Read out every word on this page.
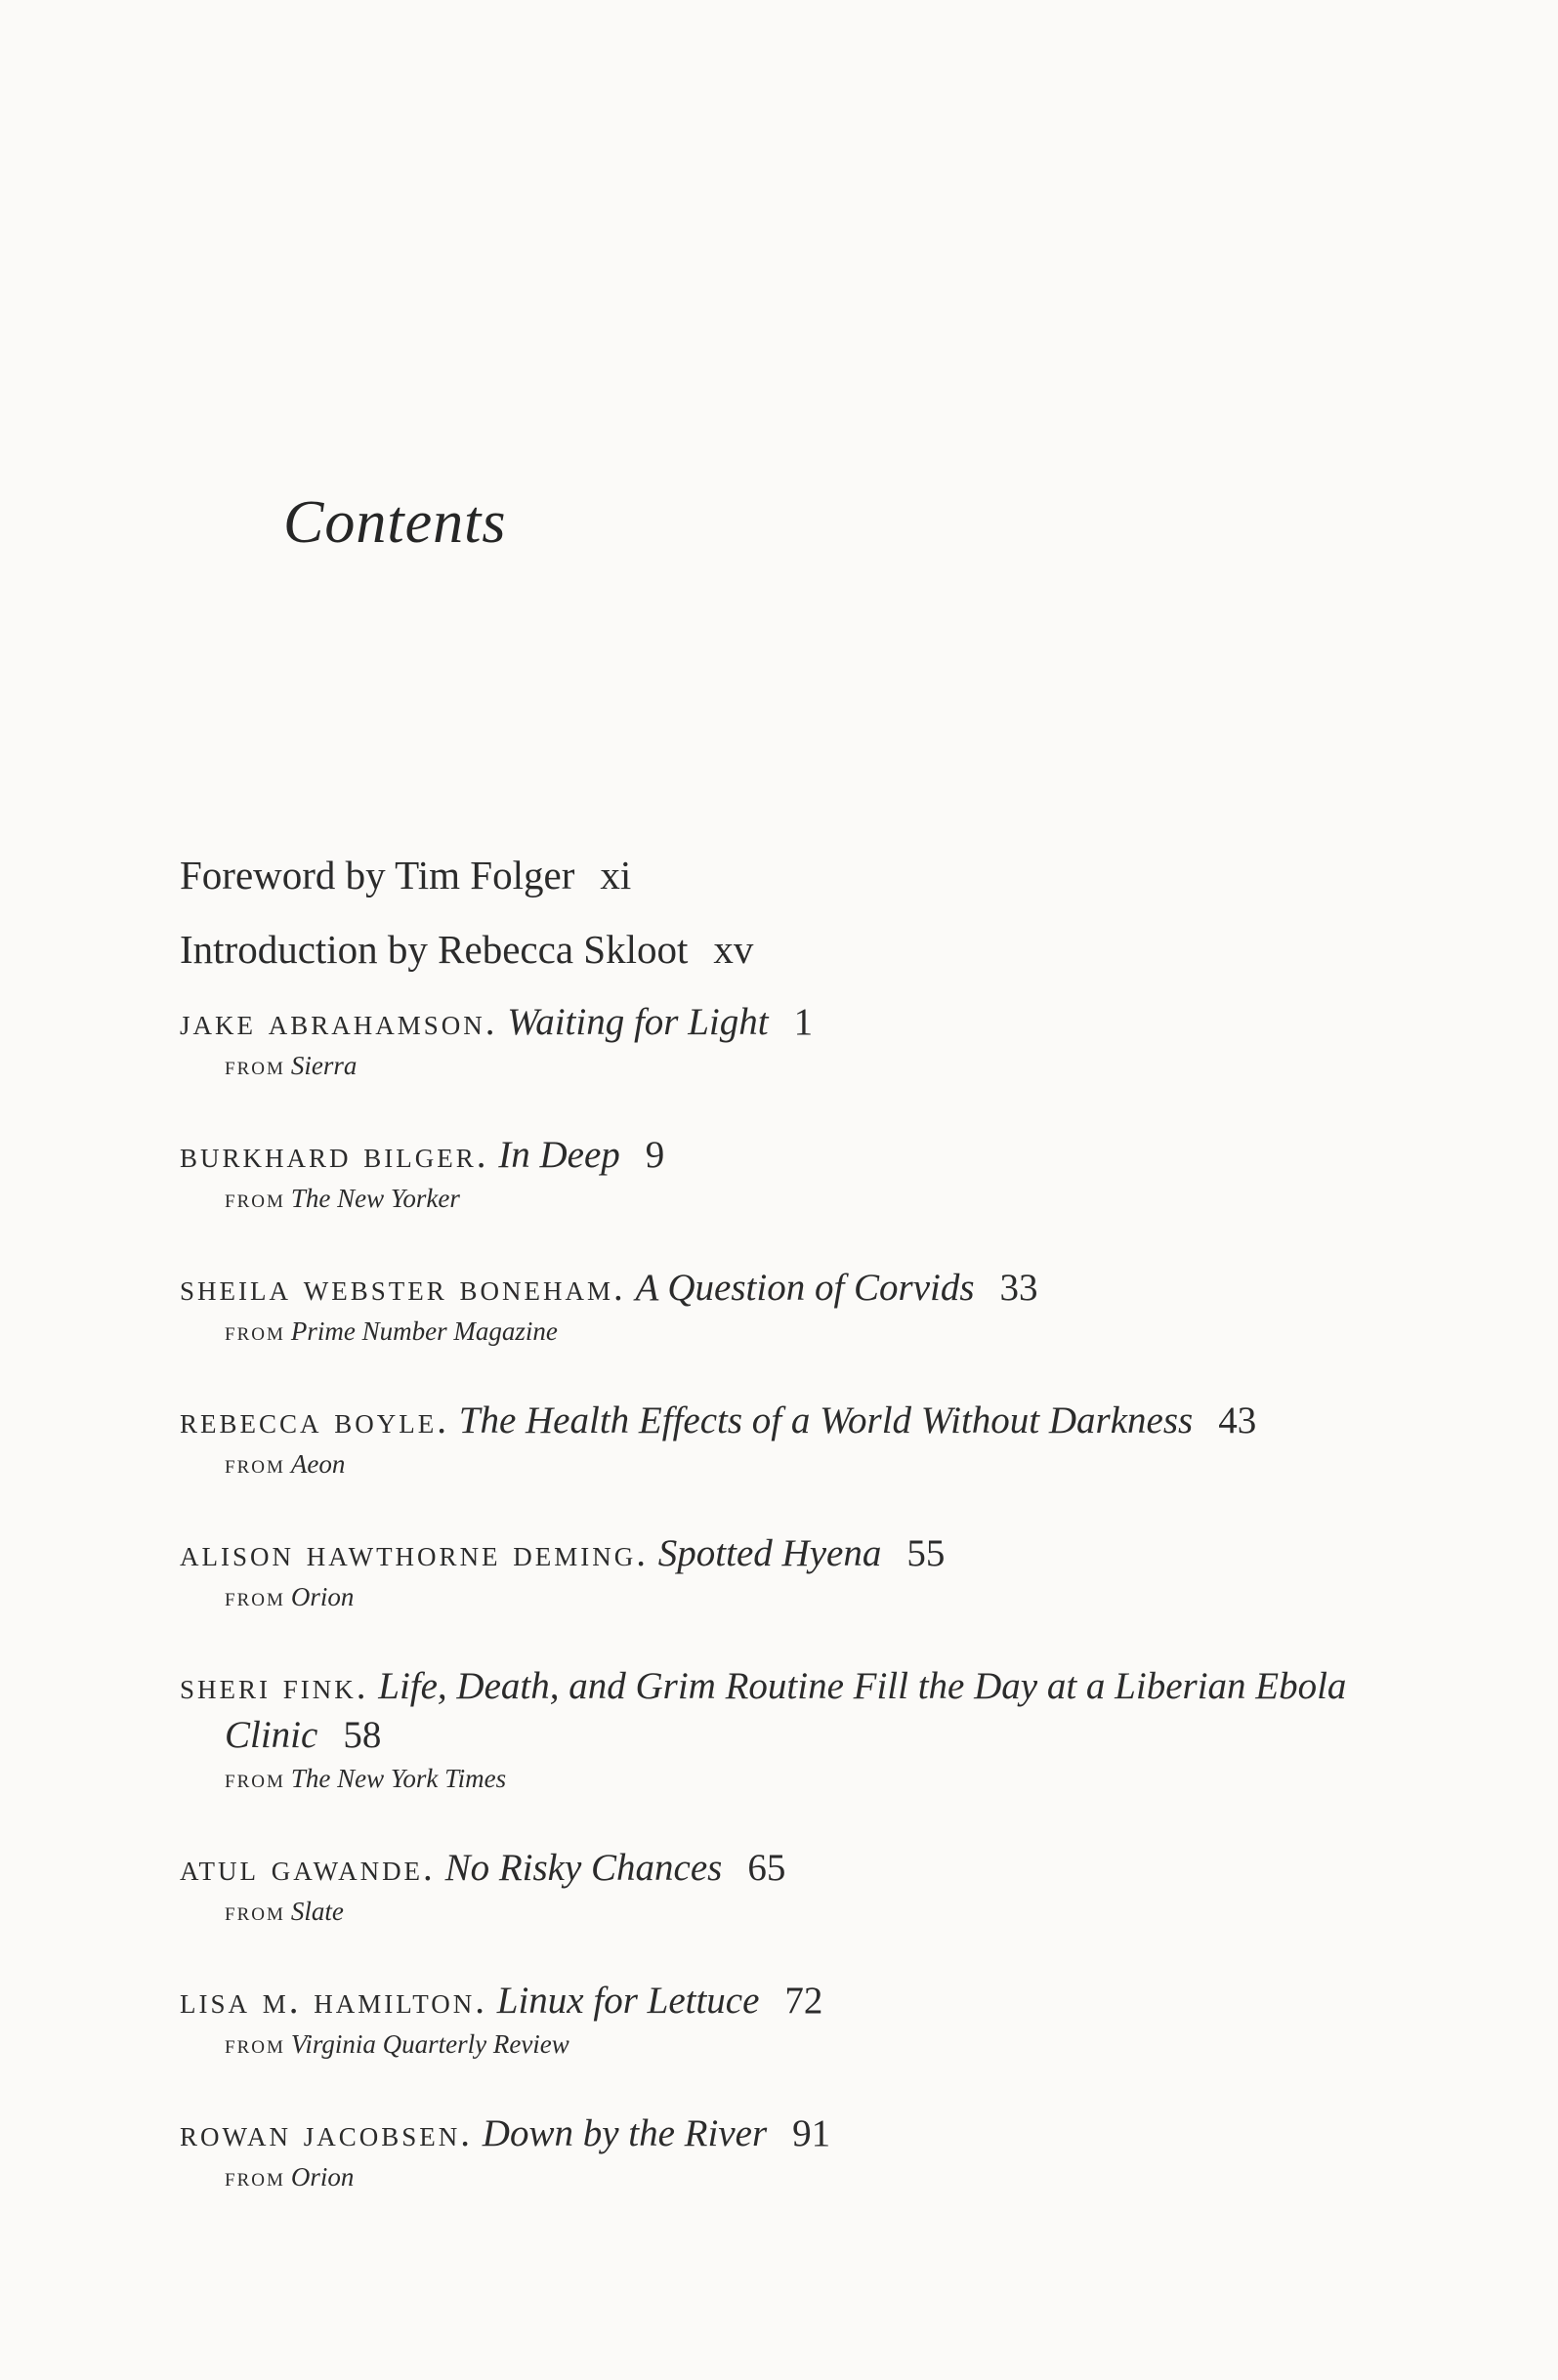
Contents
Foreword by Tim Folger xi
Introduction by Rebecca Skloot xv
jake abrahamson. Waiting for Light 1
from Sierra
burkhard bilger. In Deep 9
from The New Yorker
sheila webster boneham. A Question of Corvids 33
from Prime Number Magazine
rebecca boyle. The Health Effects of a World Without Darkness 43
from Aeon
alison hawthorne deming. Spotted Hyena 55
from Orion
sheri fink. Life, Death, and Grim Routine Fill the Day at a Liberian Ebola Clinic 58
from The New York Times
atul gawande. No Risky Chances 65
from Slate
lisa m. hamilton. Linux for Lettuce 72
from Virginia Quarterly Review
rowan jacobsen. Down by the River 91
from Orion
